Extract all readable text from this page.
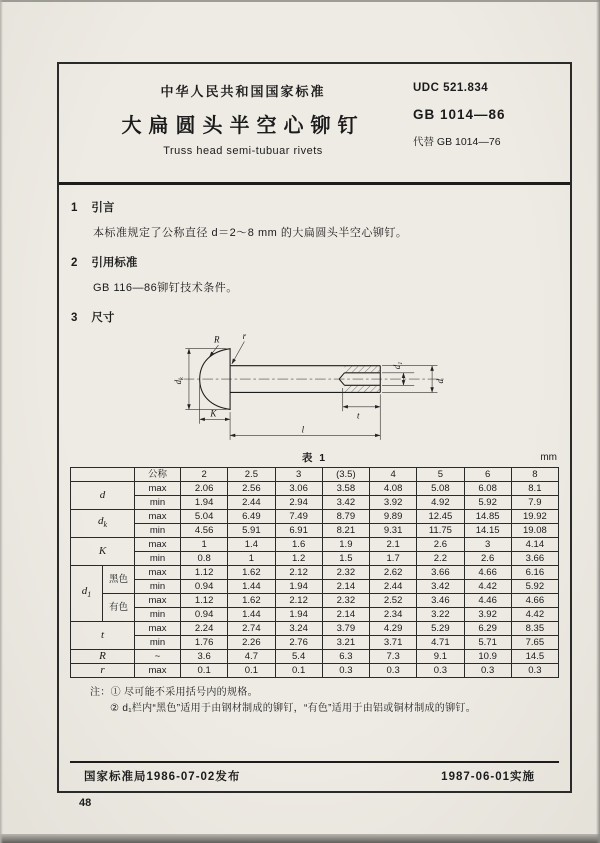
中华人民共和国国家标准
大扁圆头半空心铆钉
Truss head semi-tubuar rivets
UDC 521.834
GB 1014—86
代替 GB 1014—76
1 引言
本标准规定了公称直径 d＝2～8 mm 的大扁圆头半空心铆钉。
2 引用标准
GB 116—86铆钉技术条件。
3 尺寸
$d_k$
$d_1$
d
K
l
t
R r
表 1	mm
		公称	2	2.5	3	(3.5)	4	5	6	8
d		max	2.06	2.56	3.06	3.58	4.08	5.08	6.08	8.1
		min	1.94	2.44	2.94	3.42	3.92	4.92	5.92	7.9
$d_k$		max	5.04	6.49	7.49	8.79	9.89	12.45	14.85	19.92
		min	4.56	5.91	6.91	8.21	9.31	11.75	14.15	19.08
K		max	1	1.4	1.6	1.9	2.1	2.6	3	4.14
		min	0.8	1	1.2	1.5	1.7	2.2	2.6	3.66
$d_1$	黑色	max	1.12	1.62	2.12	2.32	2.62	3.66	4.66	6.16
		min	0.94	1.44	1.94	2.14	2.44	3.42	4.42	5.92
	有色	max	1.12	1.62	2.12	2.32	2.52	3.46	4.46	4.66
		min	0.94	1.44	1.94	2.14	2.34	3.22	3.92	4.42
t		max	2.24	2.74	3.24	3.79	4.29	5.29	6.29	8.35
		min	1.76	2.26	2.76	3.21	3.71	4.71	5.71	7.65
R		~	3.6	4.7	5.4	6.3	7.3	9.1	10.9	14.5
r		max	0.1	0.1	0.1	0.3	0.3	0.3	0.3	0.3
注：① 尽可能不采用括号内的规格。
② d₁栏内“黑色”适用于由钢材制成的铆钉，“有色”适用于由铝或铜材制成的铆钉。
国家标准局1986-07-02发布	1987-06-01实施
48
